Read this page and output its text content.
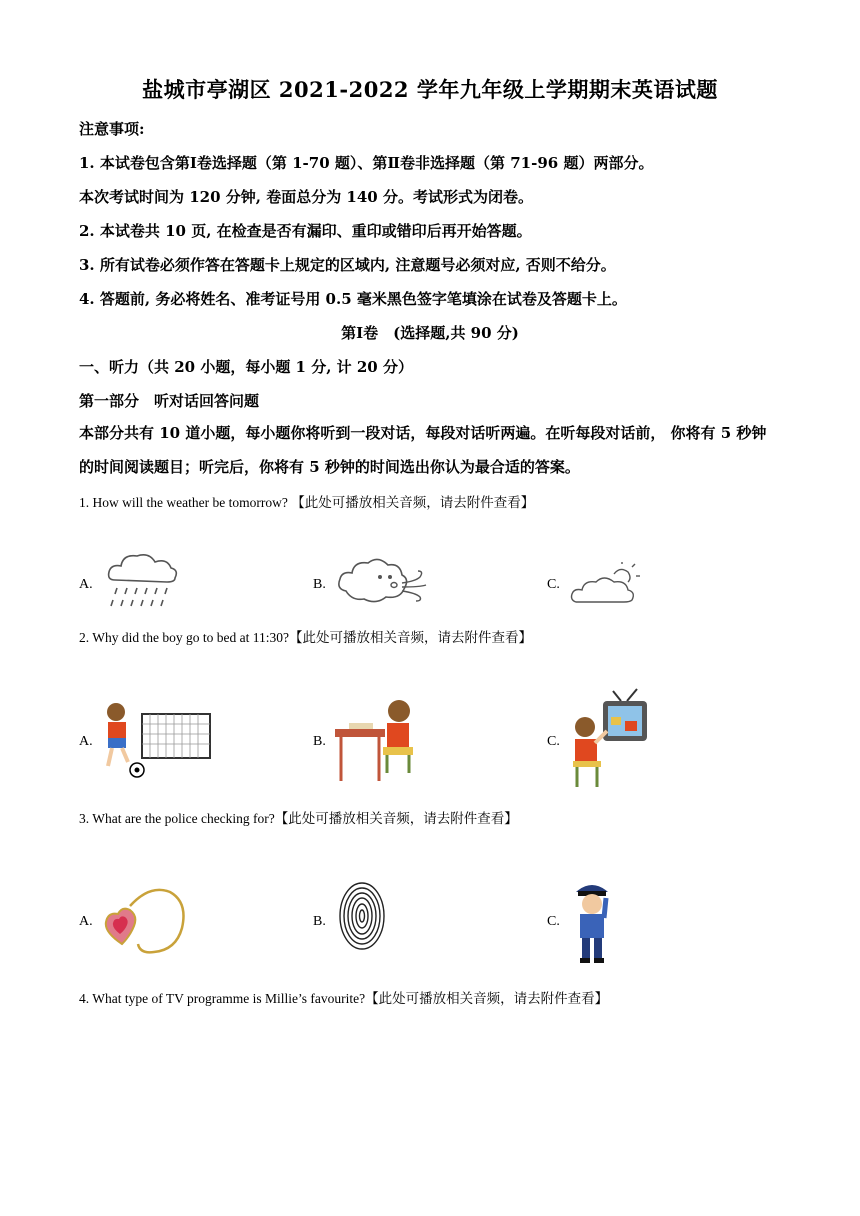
盐城市亭湖区 2021-2022 学年九年级上学期期末英语试题
注意事项:
1. 本试卷包含第Ⅰ卷选择题（第 1-70 题）、第Ⅱ卷非选择题（第 71-96 题）两部分。
本次考试时间为 120 分钟, 卷面总分为 140 分。考试形式为闭卷。
2. 本试卷共 10 页, 在检查是否有漏印、重印或错印后再开始答题。
3. 所有试卷必须作答在答题卡上规定的区域内, 注意题号必须对应, 否则不给分。
4. 答题前, 务必将姓名、准考证号用 0.5 毫米黑色签字笔填涂在试卷及答题卡上。
第Ⅰ卷　(选择题,共 90 分)
一、听力（共 20 小题，每小题 1 分, 计 20 分）
第一部分　听对话回答问题
本部分共有 10 道小题，每小题你将听到一段对话，每段对话听两遍。在听每段对话前， 你将有 5 秒钟的时间阅读题目；听完后，你将有 5 秒钟的时间选出你认为最合适的答案。
1. How will the weather be tomorrow? 【此处可播放相关音频，请去附件查看】
A.	B.	C.
2. Why did the boy go to bed at 11:30?【此处可播放相关音频，请去附件查看】
A.	B.	C.
3. What are the police checking for?【此处可播放相关音频，请去附件查看】
A.	B.	C.
4. What type of TV programme is Millie’s favourite?【此处可播放相关音频，请去附件查看】
